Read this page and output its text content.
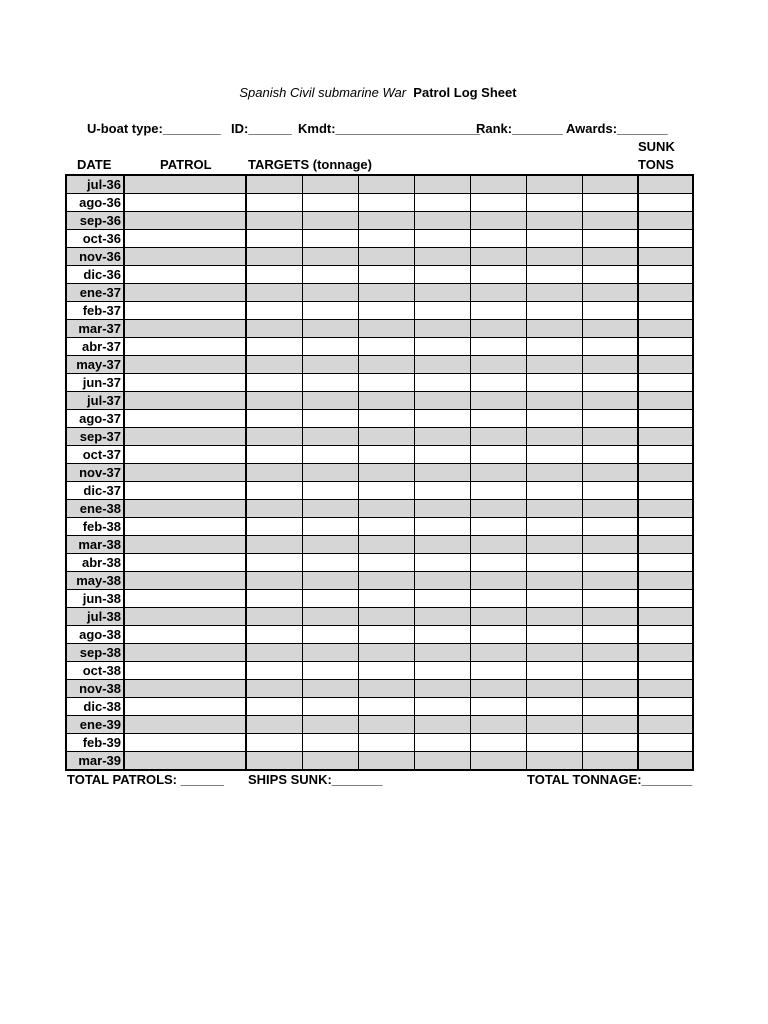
Spanish Civil submarine War Patrol Log Sheet
U-boat type:________ ID:______ Kmdt:____________________
Rank:_______ Awards:_______
DATE	PATROL	TARGETS (tonnage)
SUNK
TONS
jul-36									
ago-36									
sep-36									
oct-36									
nov-36									
dic-36									
ene-37									
feb-37									
mar-37									
abr-37									
may-37									
jun-37									
jul-37									
ago-37									
sep-37									
oct-37									
nov-37									
dic-37									
ene-38									
feb-38									
mar-38									
abr-38									
may-38									
jun-38									
jul-38									
ago-38									
sep-38									
oct-38									
nov-38									
dic-38									
ene-39									
feb-39									
mar-39									
TOTAL PATROLS: ______ SHIPS SUNK:_______	TOTAL TONNAGE:_______
